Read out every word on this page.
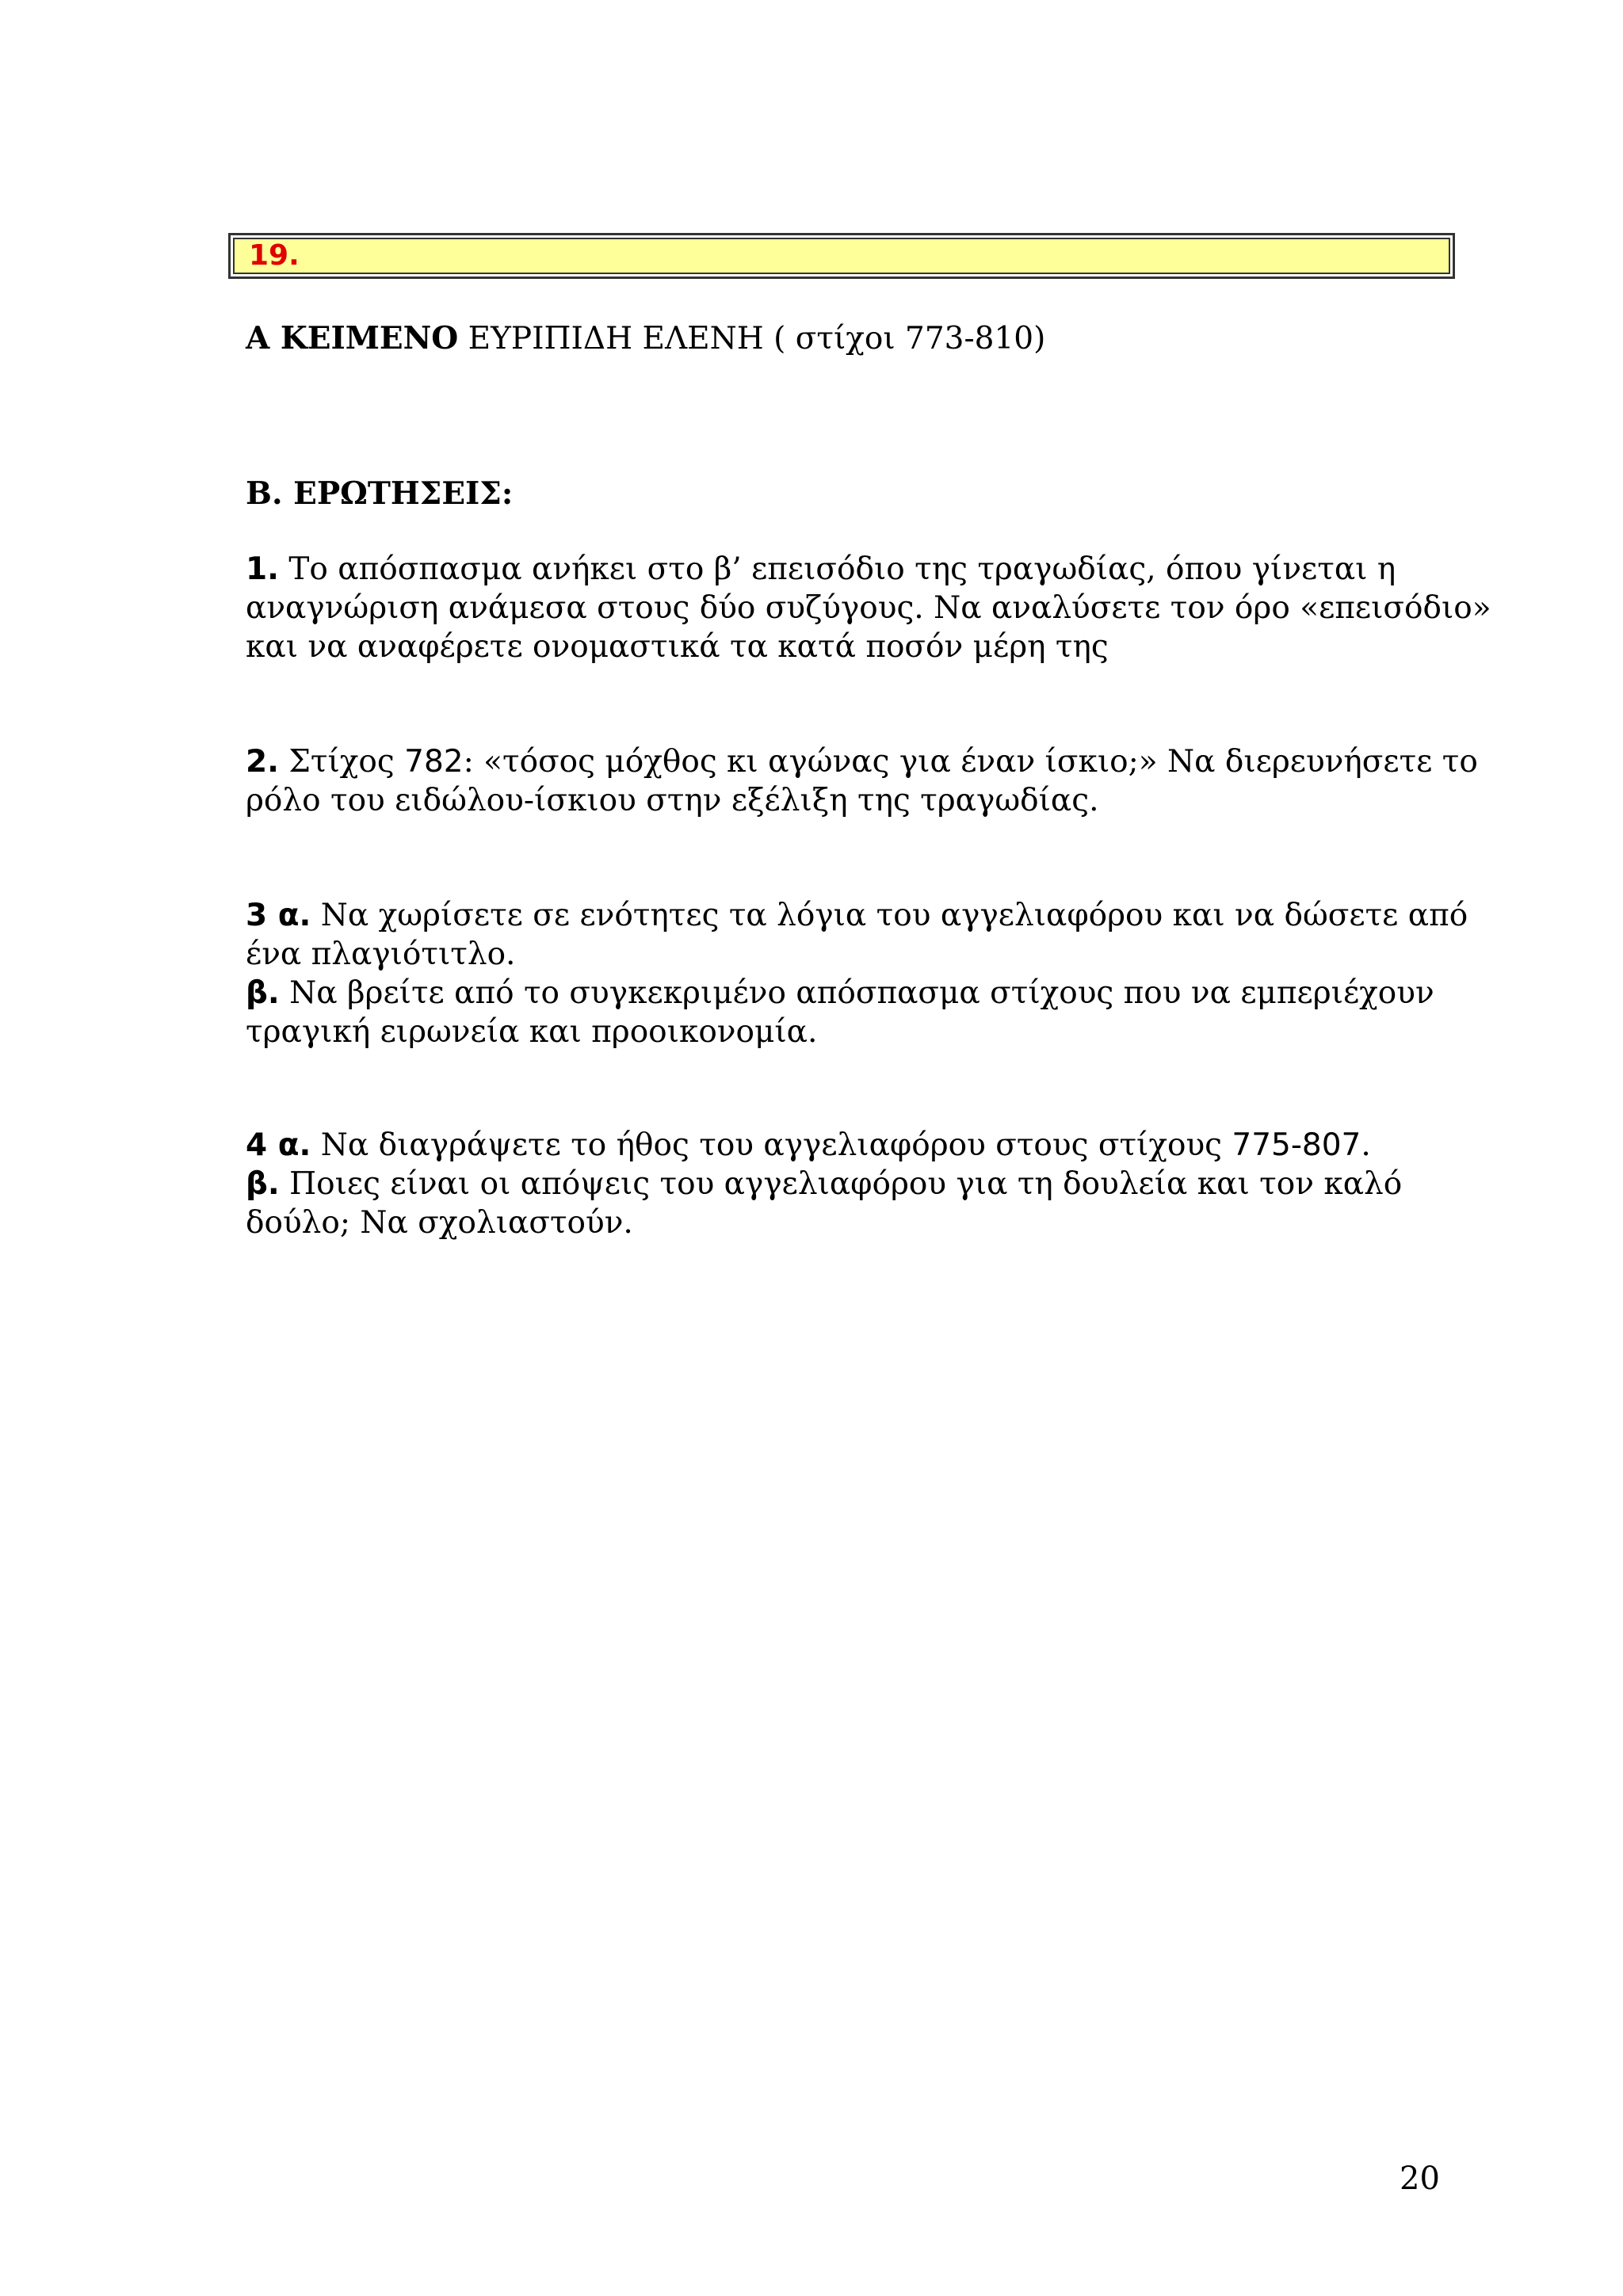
19.
Α ΚΕΙΜΕΝΟ ΕΥΡΙΠΙΔΗ ΕΛΕΝΗ ( στίχοι 773-810)
Β. ΕΡΩΤΗΣΕΙΣ:
1. Το απόσπασμα ανήκει στο β’ επεισόδιο της τραγωδίας, όπου γίνεται η
αναγνώριση ανάμεσα στους δύο συζύγους. Να αναλύσετε τον όρο «επεισόδιο»
και να αναφέρετε ονομαστικά τα κατά ποσόν μέρη της
2. Στίχος 782: «τόσος μόχθος κι αγώνας για έναν ίσκιο;» Να διερευνήσετε το
ρόλο του ειδώλου-ίσκιου στην εξέλιξη της τραγωδίας.
3 α. Να χωρίσετε σε ενότητες τα λόγια του αγγελιαφόρου και να δώσετε από
ένα πλαγιότιτλο.
β. Να βρείτε από το συγκεκριμένο απόσπασμα στίχους που να εμπεριέχουν
τραγική ειρωνεία και προοικονομία.
4 α. Να διαγράψετε το ήθος του αγγελιαφόρου στους στίχους 775-807.
β. Ποιες είναι οι απόψεις του αγγελιαφόρου για τη δουλεία και τον καλό
δούλο; Να σχολιαστούν.
20
